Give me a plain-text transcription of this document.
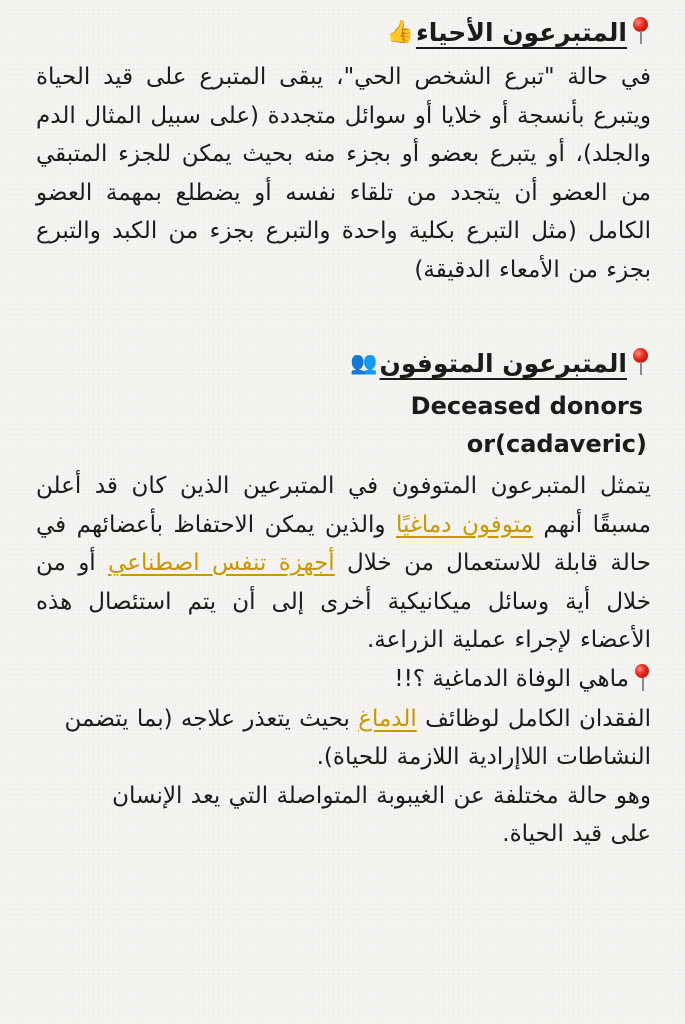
المتبرعون الأحياء👍
في حالة "تبرع الشخص الحي"، يبقى المتبرع على قيد الحياة ويتبرع بأنسجة أو خلايا أو سوائل متجددة (على سبيل المثال الدم والجلد)، أو يتبرع بعضو أو بجزء منه بحيث يمكن للجزء المتبقي من العضو أن يتجدد من تلقاء نفسه أو يضطلع بمهمة العضو الكامل (مثل التبرع بكلية واحدة والتبرع بجزء من الكبد والتبرع بجزء من الأمعاء الدقيقة)
المتبرعون المتوفون👥
Deceased donors
or(cadaveric)
يتمثل المتبرعون المتوفون في المتبرعين الذين كان قد أعلن مسبقًا أنهم متوفون دماغيًا والذين يمكن الاحتفاظ بأعضائهم في حالة قابلة للاستعمال من خلال أجهزة تنفس اصطناعي أو من خلال أية وسائل ميكانيكية أخرى إلى أن يتم استئصال هذه الأعضاء لإجراء عملية الزراعة.
ماهي الوفاة الدماغية ؟!!
الفقدان الكامل لوظائف الدماغ بحيث يتعذر علاجه (بما يتضمن النشاطات اللاإرادية اللازمة للحياة).
وهو حالة مختلفة عن الغيبوبة المتواصلة التي يعد الإنسان على قيد الحياة.
